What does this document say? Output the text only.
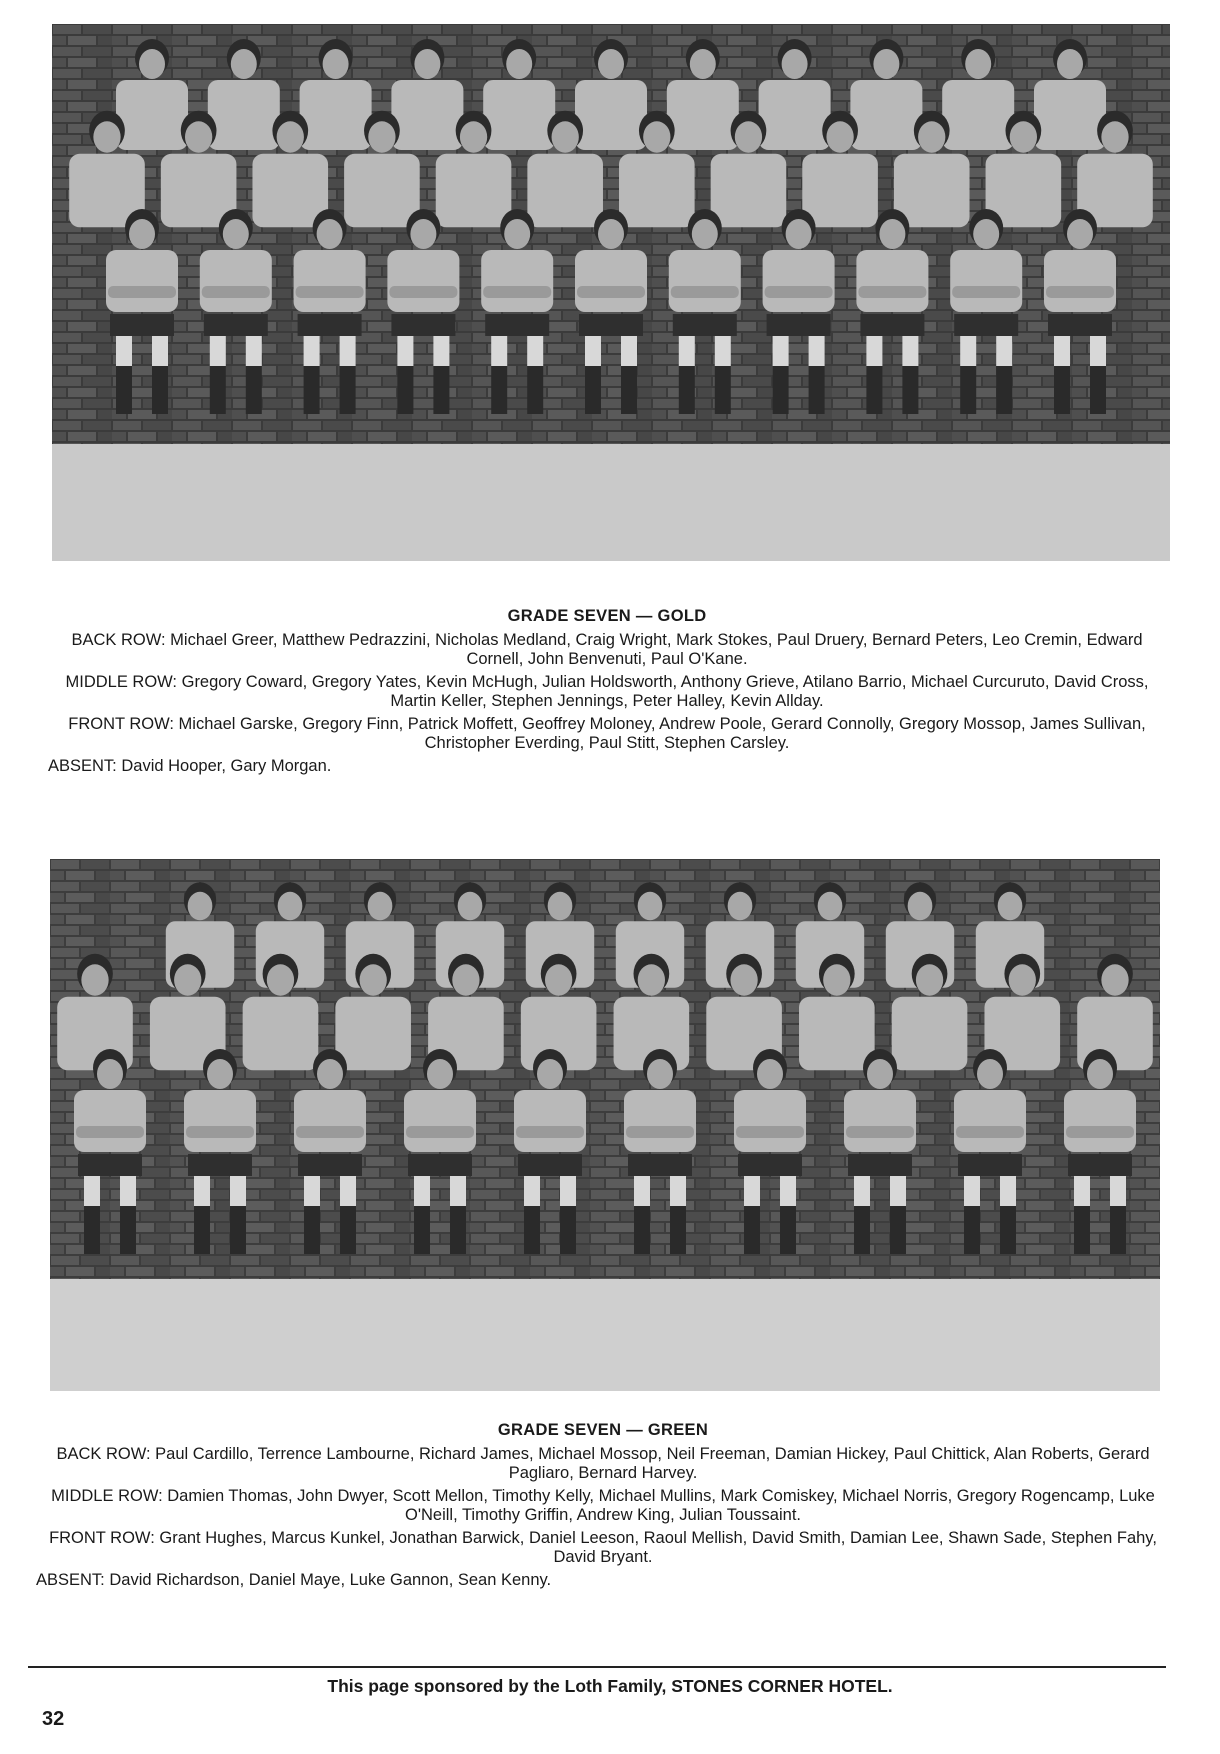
GRADE SEVEN — GOLD

BACK ROW: Michael Greer, Matthew Pedrazzini, Nicholas Medland, Craig Wright, Mark Stokes, Paul Druery, Bernard Peters, Leo Cremin, Edward Cornell, John Benvenuti, Paul O'Kane.

MIDDLE ROW: Gregory Coward, Gregory Yates, Kevin McHugh, Julian Holdsworth, Anthony Grieve, Atilano Barrio, Michael Curcuruto, David Cross, Martin Keller, Stephen Jennings, Peter Halley, Kevin Allday.

FRONT ROW: Michael Garske, Gregory Finn, Patrick Moffett, Geoffrey Moloney, Andrew Poole, Gerard Connolly, Gregory Mossop, James Sullivan, Christopher Everding, Paul Stitt, Stephen Carsley.

ABSENT: David Hooper, Gary Morgan.

GRADE SEVEN — GREEN

BACK ROW: Paul Cardillo, Terrence Lambourne, Richard James, Michael Mossop, Neil Freeman, Damian Hickey, Paul Chittick, Alan Roberts, Gerard Pagliaro, Bernard Harvey.

MIDDLE ROW: Damien Thomas, John Dwyer, Scott Mellon, Timothy Kelly, Michael Mullins, Mark Comiskey, Michael Norris, Gregory Rogencamp, Luke O'Neill, Timothy Griffin, Andrew King, Julian Toussaint.

FRONT ROW: Grant Hughes, Marcus Kunkel, Jonathan Barwick, Daniel Leeson, Raoul Mellish, David Smith, Damian Lee, Shawn Sade, Stephen Fahy, David Bryant.

ABSENT: David Richardson, Daniel Maye, Luke Gannon, Sean Kenny.

This page sponsored by the Loth Family, STONES CORNER HOTEL.
32
